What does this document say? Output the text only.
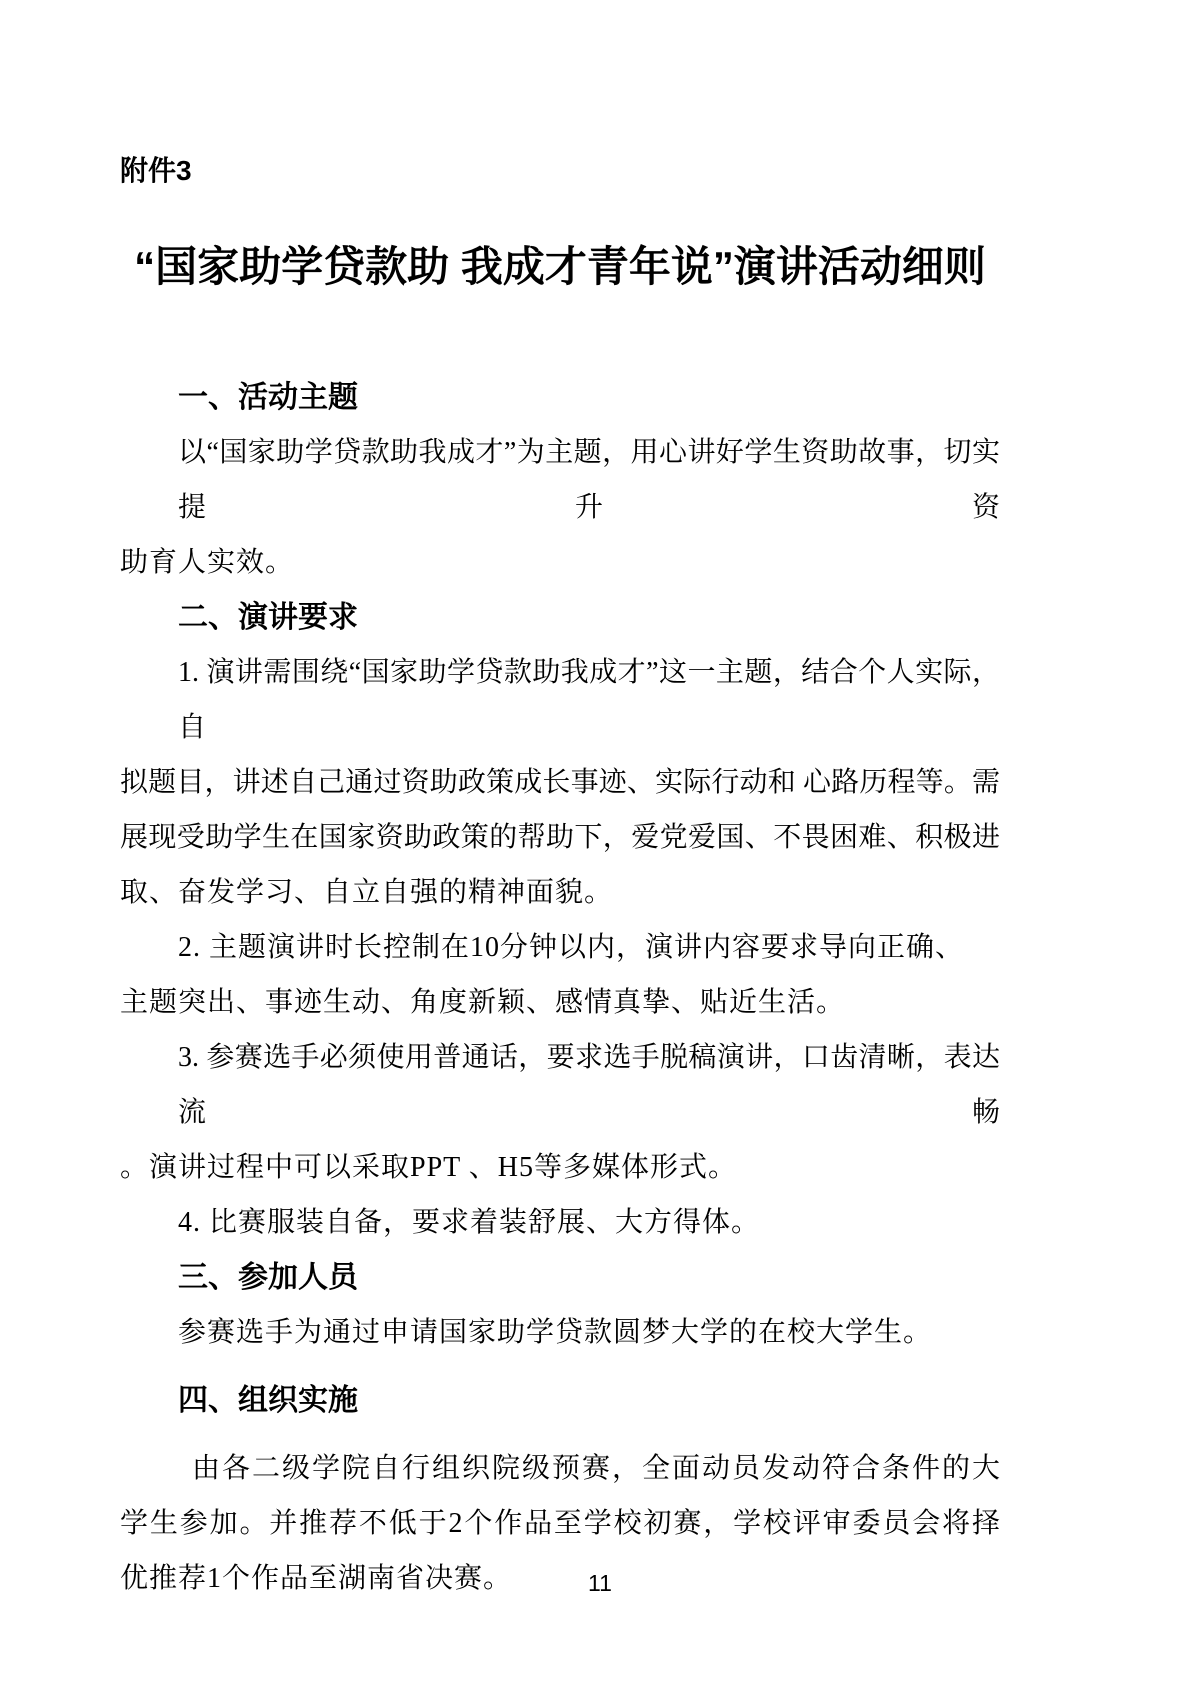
附件3
“国家助学贷款助 我成才青年说”演讲活动细则
一、活动主题
以“国家助学贷款助我成才”为主题，用心讲好学生资助故事，切实提升资
助育人实效。
二、演讲要求
1. 演讲需围绕“国家助学贷款助我成才”这一主题，结合个人实际，自
拟题目，讲述自己通过资助政策成长事迹、实际行动和 心路历程等。需
展现受助学生在国家资助政策的帮助下，爱党爱国、不畏困难、积极进
取、奋发学习、自立自强的精神面貌。
2. 主题演讲时长控制在10分钟以内，演讲内容要求导向正确、
主题突出、事迹生动、角度新颖、感情真挚、贴近生活。
3. 参赛选手必须使用普通话，要求选手脱稿演讲，口齿清晰，表达流畅
。演讲过程中可以采取PPT 、H5等多媒体形式。
4. 比赛服装自备，要求着装舒展、大方得体。
三、参加人员
参赛选手为通过申请国家助学贷款圆梦大学的在校大学生。
四、组织实施
由各二级学院自行组织院级预赛，全面动员发动符合条件的大
学生参加。并推荐不低于2个作品至学校初赛，学校评审委员会将择
优推荐1个作品至湖南省决赛。	11
